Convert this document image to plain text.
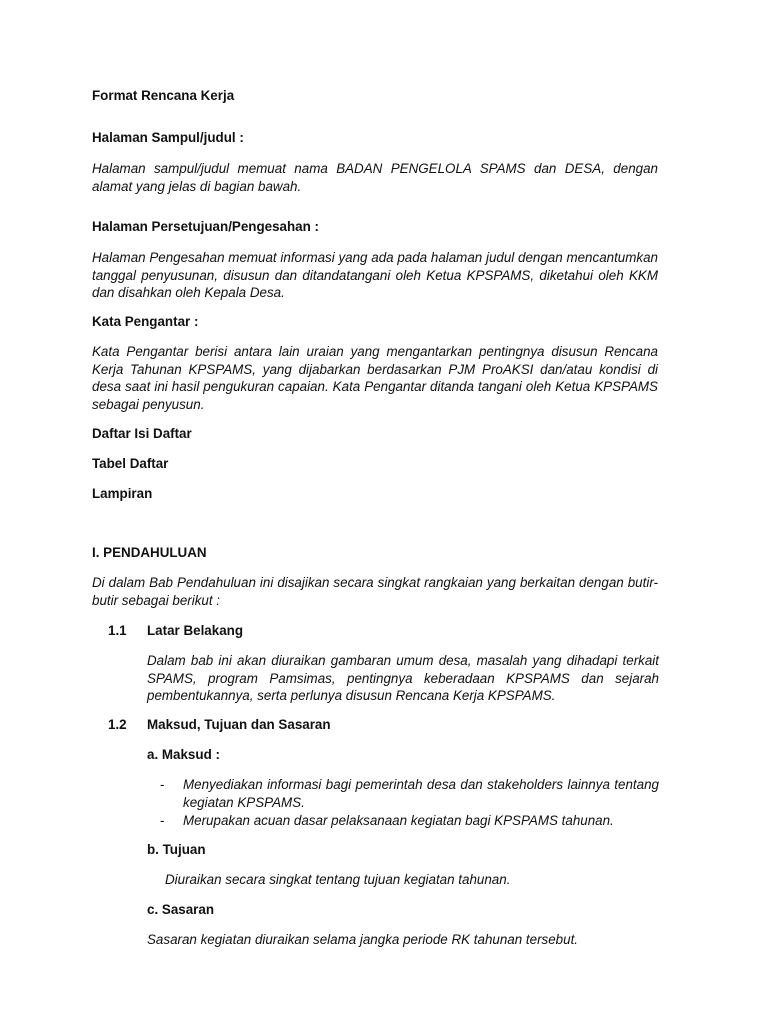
Format Rencana Kerja
Halaman Sampul/judul :

Halaman sampul/judul memuat nama BADAN PENGELOLA SPAMS dan DESA, dengan alamat yang jelas di bagian bawah.

Halaman Persetujuan/Pengesahan :

Halaman Pengesahan memuat informasi yang ada pada halaman judul dengan mencantumkan tanggal penyusunan, disusun dan ditandatangani oleh Ketua KPSPAMS, diketahui oleh KKM dan disahkan oleh Kepala Desa.

Kata Pengantar :

Kata Pengantar berisi antara lain uraian yang mengantarkan pentingnya disusun Rencana Kerja Tahunan KPSPAMS, yang dijabarkan berdasarkan PJM ProAKSI dan/atau kondisi di desa saat ini hasil pengukuran capaian. Kata Pengantar ditanda tangani oleh Ketua KPSPAMS sebagai penyusun.

Daftar Isi Daftar
Tabel Daftar
Lampiran
I. PENDAHULUAN

Di dalam Bab Pendahuluan ini disajikan secara singkat rangkaian yang berkaitan dengan butir-butir sebagai berikut :

1.1 Latar Belakang

Dalam bab ini akan diuraikan gambaran umum desa, masalah yang dihadapi terkait SPAMS, program Pamsimas, pentingnya keberadaan KPSPAMS dan sejarah pembentukannya, serta perlunya disusun Rencana Kerja KPSPAMS.

1.2 Maksud, Tujuan dan Sasaran
a. Maksud :
- Menyediakan informasi bagi pemerintah desa dan stakeholders lainnya tentang kegiatan KPSPAMS.

- Merupakan acuan dasar pelaksanaan kegiatan bagi KPSPAMS tahunan.

b. Tujuan

Diuraikan secara singkat tentang tujuan kegiatan tahunan.

c. Sasaran

Sasaran kegiatan diuraikan selama jangka periode RK tahunan tersebut.
